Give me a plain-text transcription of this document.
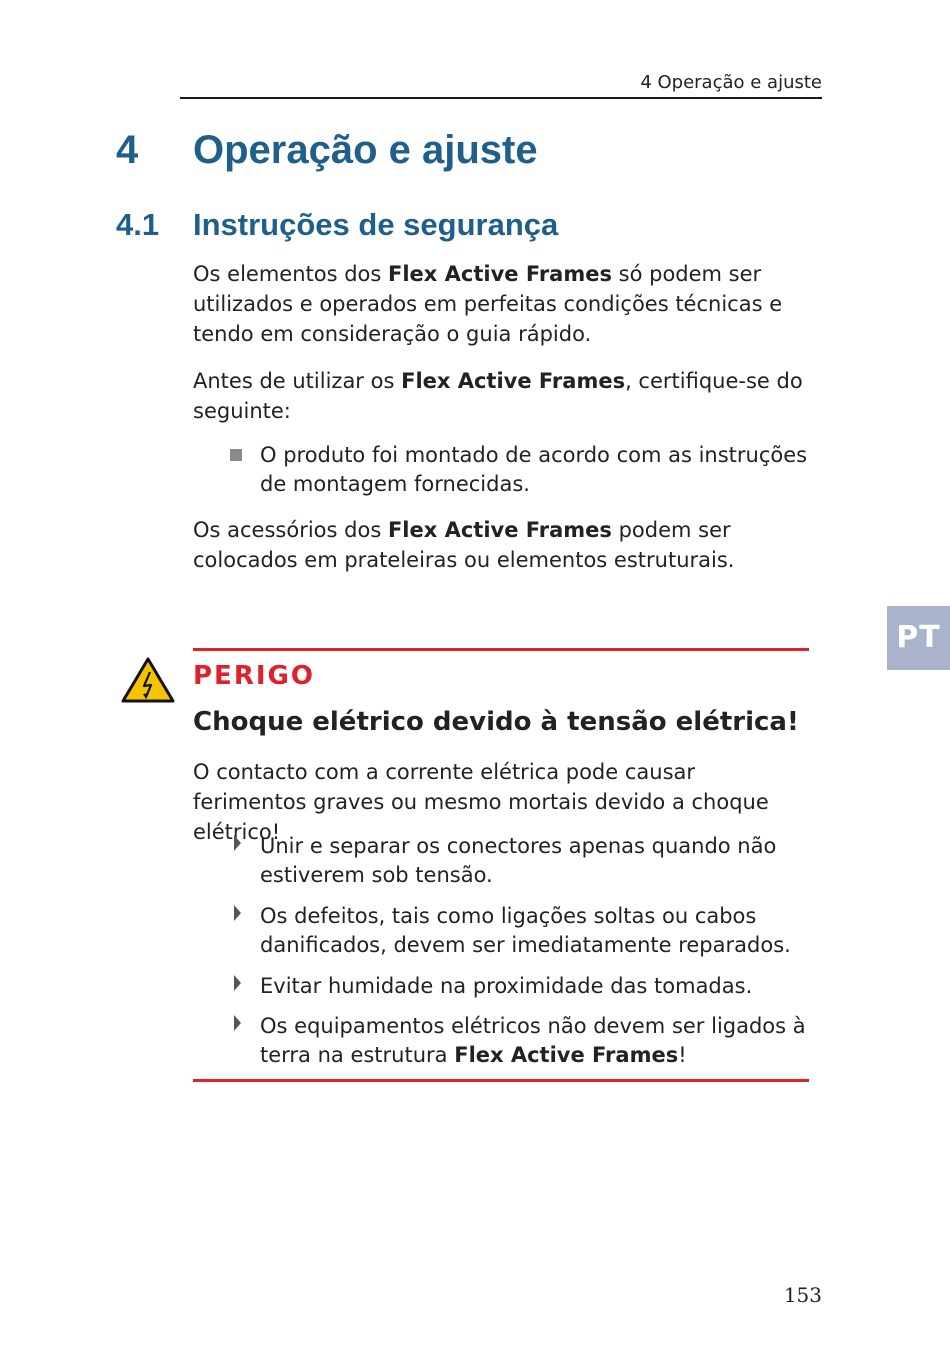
4 Operação e ajuste
4 Operação e ajuste
4.1 Instruções de segurança

Os elementos dos Flex Active Frames só podem ser utilizados e operados em perfeitas condições técnicas e tendo em consideração o guia rápido.

Antes de utilizar os Flex Active Frames, certifique-se do seguinte:

O produto foi montado de acordo com as instruções de montagem fornecidas.

Os acessórios dos Flex Active Frames podem ser colocados em prateleiras ou elementos estruturais.

PT
PERIGO
Choque elétrico devido à tensão elétrica!

O contacto com a corrente elétrica pode causar ferimentos graves ou mesmo mortais devido a choque elétrico!

Unir e separar os conectores apenas quando não estiverem sob tensão.

Os defeitos, tais como ligações soltas ou cabos danificados, devem ser imediatamente reparados.

Evitar humidade na proximidade das tomadas.

Os equipamentos elétricos não devem ser ligados à terra na estrutura Flex Active Frames!

153
